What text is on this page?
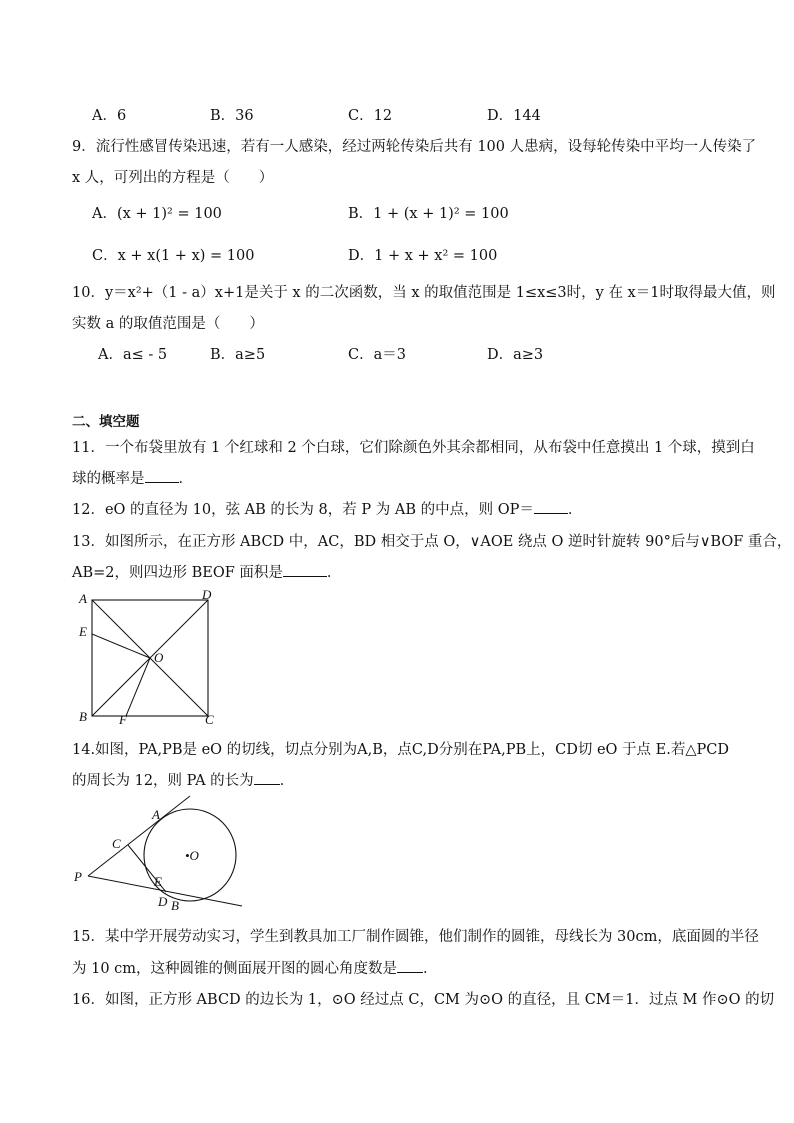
A．6	B．36	C．12	D．144
9．流行性感冒传染迅速，若有一人感染，经过两轮传染后共有 100 人患病，设每轮传染中平均一人传染了
x 人，可列出的方程是（　　）
A．(x + 1)² = 100	B．1 + (x + 1)² = 100
C．x + x(1 + x) = 100	D．1 + x + x² = 100
10．y＝x²+（1 - a）x+1是关于 x 的二次函数，当 x 的取值范围是 1≤x≤3时，y 在 x＝1时取得最大值，则
实数 a 的取值范围是（　　）
A．a≤ - 5	B．a≥5	C．a＝3	D．a≥3
二、填空题
11．一个布袋里放有 1 个红球和 2 个白球，它们除颜色外其余都相同，从布袋中任意摸出 1 个球，摸到白
球的概率是 ．
12．eO 的直径为 10，弦 AB 的长为 8，若 P 为 AB 的中点，则 OP＝ ．
13．如图所示，在正方形 ABCD 中，AC，BD 相交于点 O，∨AOE 绕点 O 逆时针旋转 90°后与∨BOF 重合，
AB=2，则四边形 BEOF 面积是	．
A	D
E
O
B F	C
14.如图，PA,PB是 eO 的切线，切点分别为A,B，点C,D分别在PA,PB上，CD切 eO 于点 E.若△PCD
的周长为 12，则 PA 的长为 ．
A
C
•O
P	E
D B
15．某中学开展劳动实习，学生到教具加工厂制作圆锥，他们制作的圆锥，母线长为 30cm，底面圆的半径
为 10 cm，这种圆锥的侧面展开图的圆心角度数是 ．
16．如图，正方形 ABCD 的边长为 1，⊙O 经过点 C，CM 为⊙O 的直径，且 CM＝1．过点 M 作⊙O 的切
